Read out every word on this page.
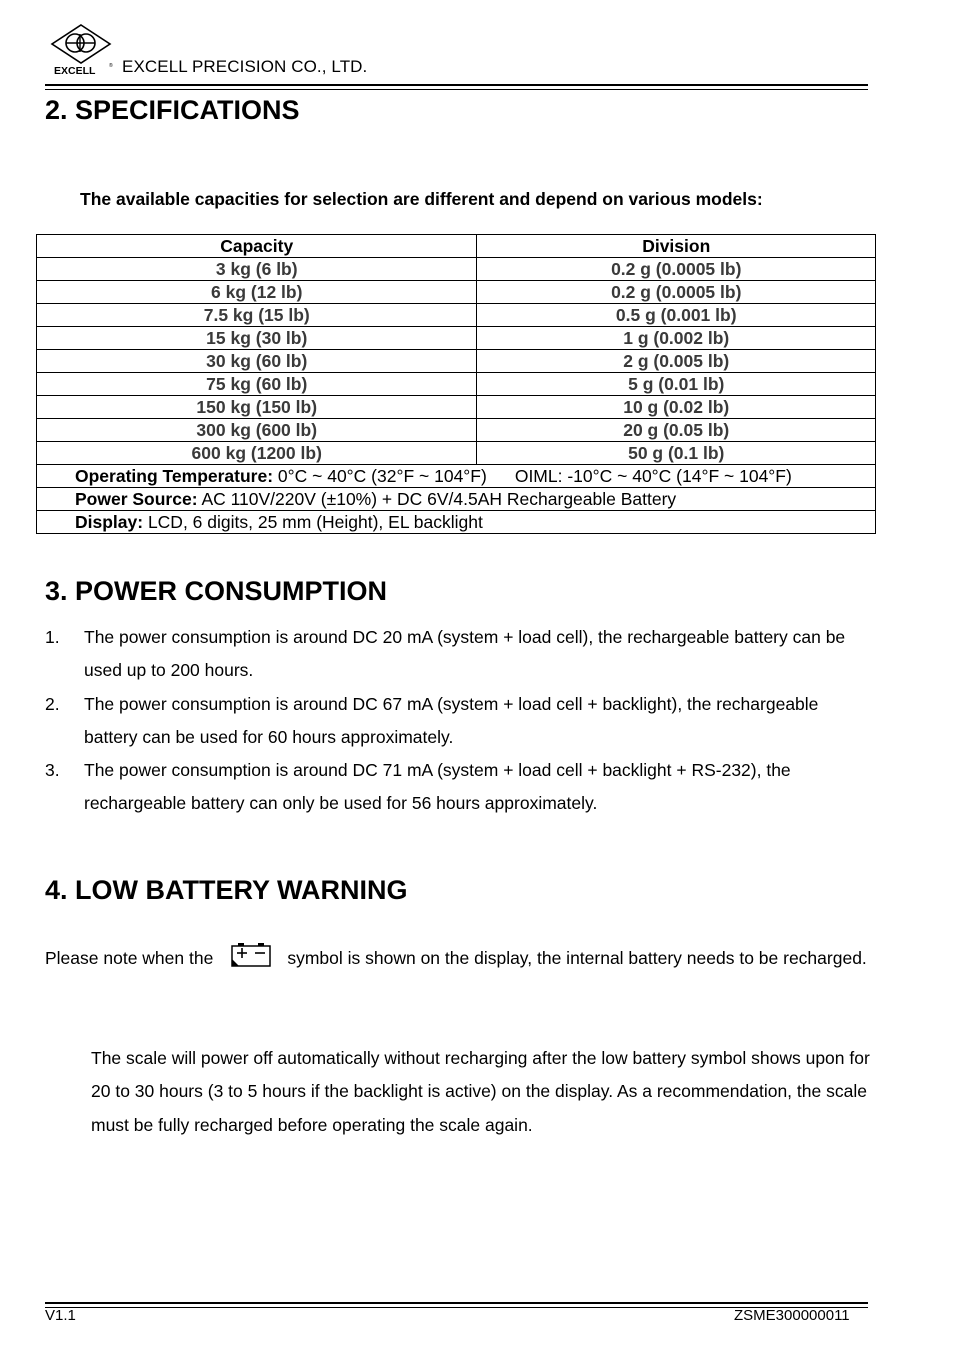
EXCELL	® EXCELL PRECISION CO., LTD.
2. SPECIFICATIONS
The available capacities for selection are different and depend on various models:
Capacity	Division
3 kg (6 lb)	0.2 g (0.0005 lb)
6 kg (12 lb)	0.2 g (0.0005 lb)
7.5 kg (15 lb)	0.5 g (0.001 lb)
15 kg (30 lb)	1 g (0.002 lb)
30 kg (60 lb)	2 g (0.005 lb)
75 kg (60 lb)	5 g (0.01 lb)
150 kg (150 lb)	10 g (0.02 lb)
300 kg (600 lb)	20 g (0.05 lb)
600 kg (1200 lb)	50 g (0.1 lb)
Operating Temperature: 0°C ~ 40°C (32°F ~ 104°F) OIML: -10°C ~ 40°C (14°F ~ 104°F)	
Power Source: AC 110V/220V (±10%) + DC 6V/4.5AH Rechargeable Battery	
Display: LCD, 6 digits, 25 mm (Height), EL backlight	
3. POWER CONSUMPTION
1. The power consumption is around DC 20 mA (system + load cell), the rechargeable battery can be used up to 200 hours.
2. The power consumption is around DC 67 mA (system + load cell + backlight), the rechargeable battery can be used for 60 hours approximately.
3. The power consumption is around DC 71 mA (system + load cell + backlight + RS-232), the rechargeable battery can only be used for 56 hours approximately.
4. LOW BATTERY WARNING
Please note when the	symbol is shown on the display, the internal battery needs to be recharged.
The scale will power off automatically without recharging after the low battery symbol shows upon for 20 to 30 hours (3 to 5 hours if the backlight is active) on the display. As a recommendation, the scale must be fully recharged before operating the scale again.
V1.1	ZSME300000011
